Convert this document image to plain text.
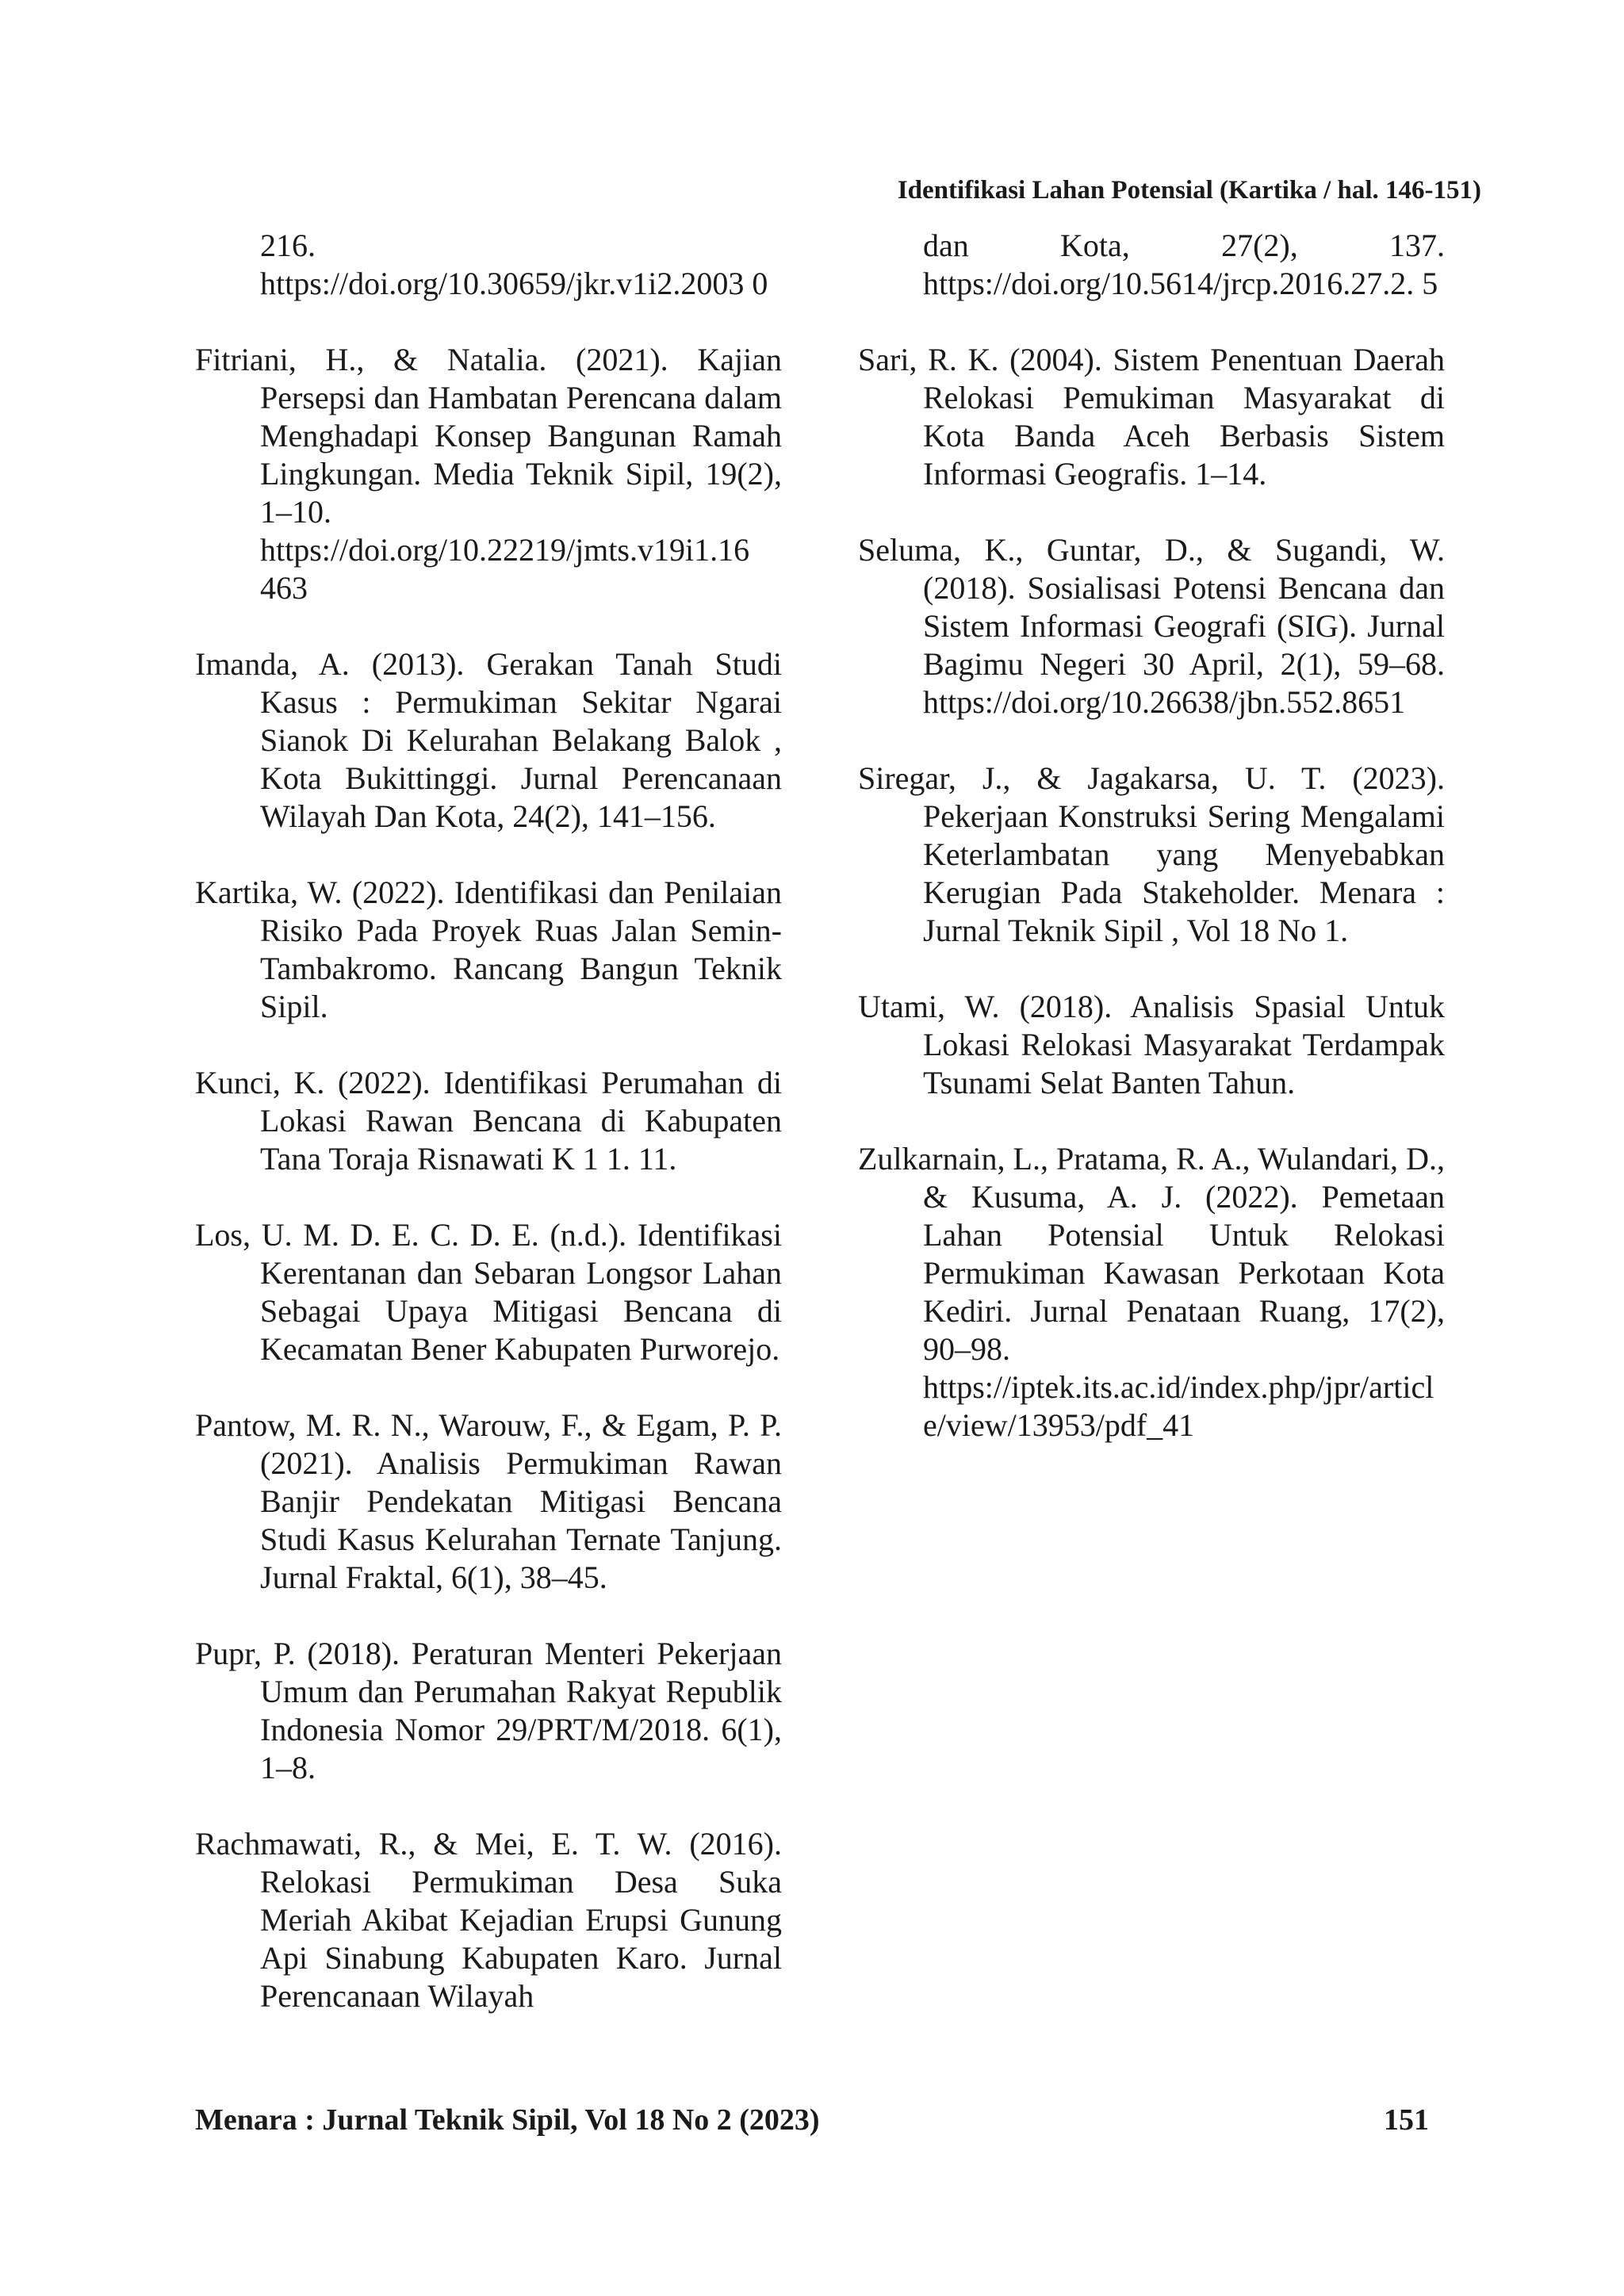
Identifikasi Lahan Potensial (Kartika / hal. 146-151)

216. https://doi.org/10.30659/jkr.v1i2.2003 0

Fitriani, H., & Natalia. (2021). Kajian Persepsi dan Hambatan Perencana dalam Menghadapi Konsep Bangunan Ramah Lingkungan. Media Teknik Sipil, 19(2), 1–10. https://doi.org/10.22219/jmts.v19i1.16 463

Imanda, A. (2013). Gerakan Tanah Studi Kasus : Permukiman Sekitar Ngarai Sianok Di Kelurahan Belakang Balok , Kota Bukittinggi. Jurnal Perencanaan Wilayah Dan Kota, 24(2), 141–156.

Kartika, W. (2022). Identifikasi dan Penilaian Risiko Pada Proyek Ruas Jalan Semin-Tambakromo. Rancang Bangun Teknik Sipil.

Kunci, K. (2022). Identifikasi Perumahan di Lokasi Rawan Bencana di Kabupaten Tana Toraja Risnawati K 1 1. 11.

Los, U. M. D. E. C. D. E. (n.d.). Identifikasi Kerentanan dan Sebaran Longsor Lahan Sebagai Upaya Mitigasi Bencana di Kecamatan Bener Kabupaten Purworejo.

Pantow, M. R. N., Warouw, F., & Egam, P. P. (2021). Analisis Permukiman Rawan Banjir Pendekatan Mitigasi Bencana Studi Kasus Kelurahan Ternate Tanjung. Jurnal Fraktal, 6(1), 38–45.

Pupr, P. (2018). Peraturan Menteri Pekerjaan Umum dan Perumahan Rakyat Republik Indonesia Nomor 29/PRT/M/2018. 6(1), 1–8.

Rachmawati, R., & Mei, E. T. W. (2016). Relokasi Permukiman Desa Suka Meriah Akibat Kejadian Erupsi Gunung Api Sinabung Kabupaten Karo. Jurnal Perencanaan Wilayah

dan Kota, 27(2), 137. https://doi.org/10.5614/jrcp.2016.27.2. 5

Sari, R. K. (2004). Sistem Penentuan Daerah Relokasi Pemukiman Masyarakat di Kota Banda Aceh Berbasis Sistem Informasi Geografis. 1–14.

Seluma, K., Guntar, D., & Sugandi, W. (2018). Sosialisasi Potensi Bencana dan Sistem Informasi Geografi (SIG). Jurnal Bagimu Negeri 30 April, 2(1), 59–68. https://doi.org/10.26638/jbn.552.8651

Siregar, J., & Jagakarsa, U. T. (2023). Pekerjaan Konstruksi Sering Mengalami Keterlambatan yang Menyebabkan Kerugian Pada Stakeholder. Menara : Jurnal Teknik Sipil , Vol 18 No 1.

Utami, W. (2018). Analisis Spasial Untuk Lokasi Relokasi Masyarakat Terdampak Tsunami Selat Banten Tahun.

Zulkarnain, L., Pratama, R. A., Wulandari, D., & Kusuma, A. J. (2022). Pemetaan Lahan Potensial Untuk Relokasi Permukiman Kawasan Perkotaan Kota Kediri. Jurnal Penataan Ruang, 17(2), 90–98. https://iptek.its.ac.id/index.php/jpr/article/view/13953/pdf_41

Menara : Jurnal Teknik Sipil, Vol 18 No 2 (2023)	151
